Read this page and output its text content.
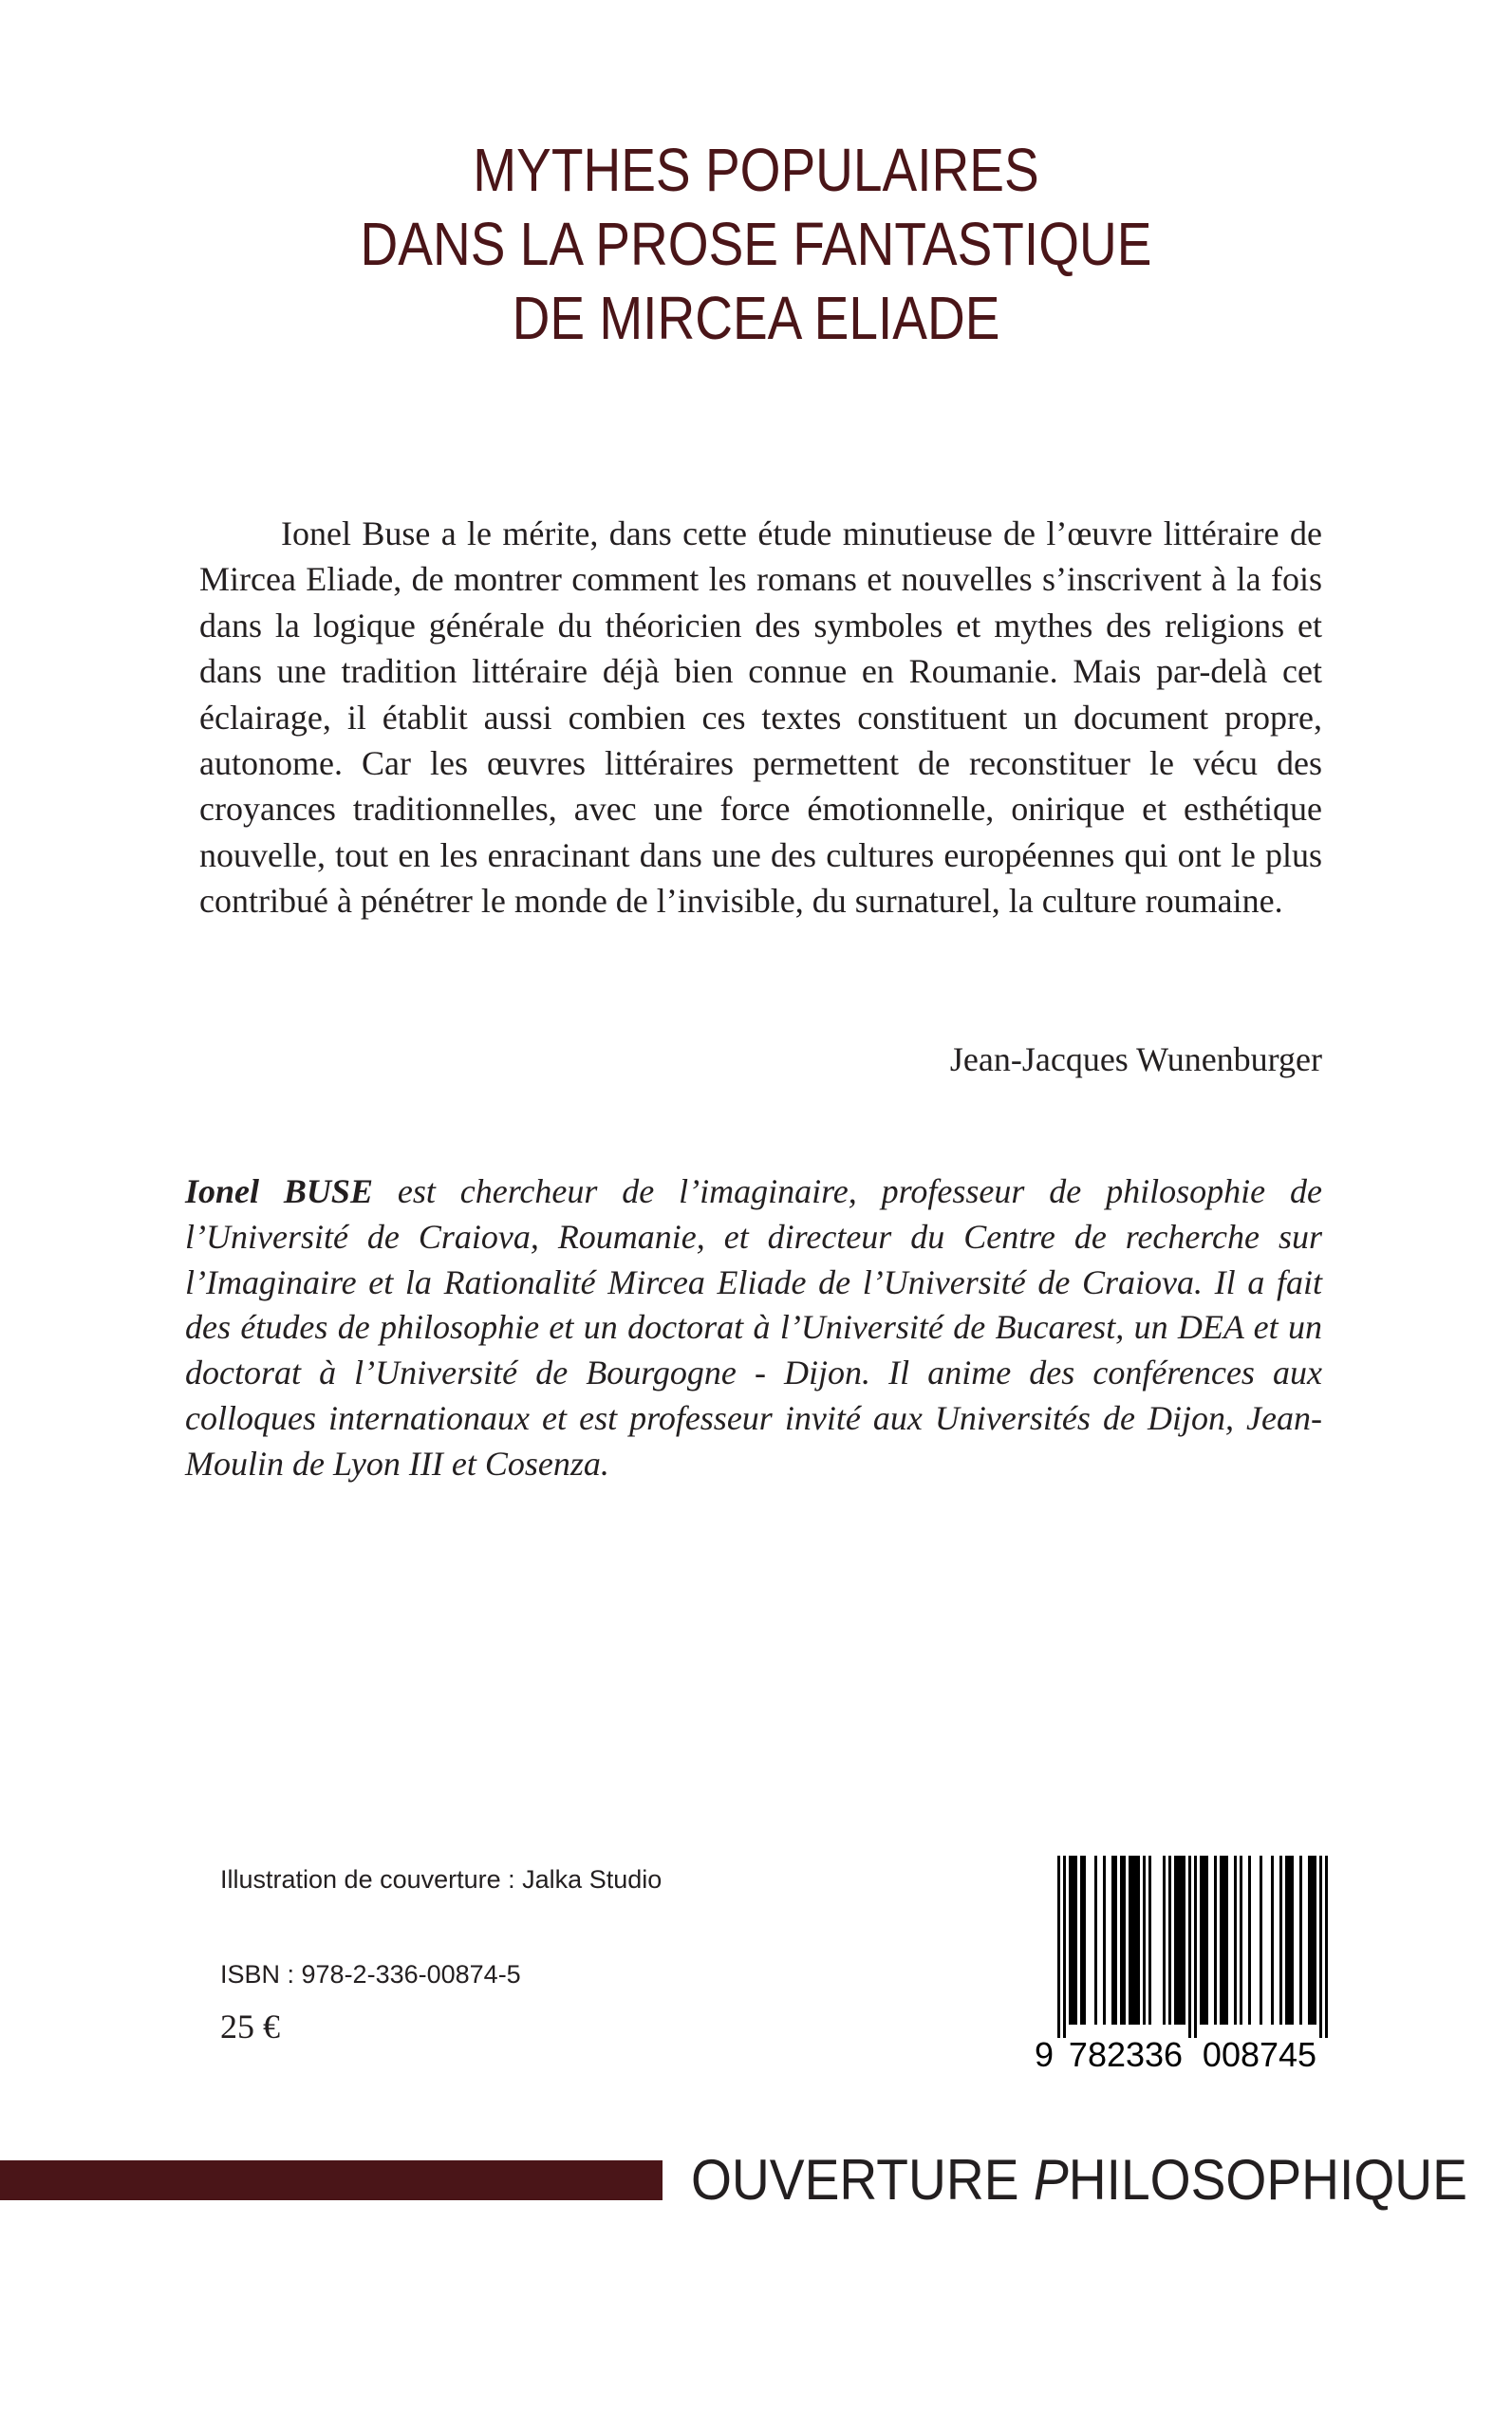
MYTHES POPULAIRES
DANS LA PROSE FANTASTIQUE
DE MIRCEA ELIADE

Ionel Buse a le mérite, dans cette étude minutieuse de l’œuvre littéraire de Mircea Eliade, de montrer comment les romans et nouvelles s’inscrivent à la fois dans la logique générale du théoricien des symboles et mythes des religions et dans une tradition littéraire déjà bien connue en Roumanie. Mais par-delà cet éclairage, il établit aussi combien ces textes constituent un document propre, autonome. Car les œuvres littéraires permettent de reconstituer le vécu des croyances traditionnelles, avec une force émotionnelle, onirique et esthétique nouvelle, tout en les enracinant dans une des cultures européennes qui ont le plus contribué à pénétrer le monde de l’invisible, du surnaturel, la culture roumaine.

Jean-Jacques Wunenburger

Ionel BUSE est chercheur de l’imaginaire, professeur de philosophie de l’Université de Craiova, Roumanie, et directeur du Centre de recherche sur l’Imaginaire et la Rationalité Mircea Eliade de l’Université de Craiova. Il a fait des études de philosophie et un doctorat à l’Université de Bucarest, un DEA et un doctorat à l’Université de Bourgogne - Dijon. Il anime des conférences aux colloques internationaux et est professeur invité aux Universités de Dijon, Jean-Moulin de Lyon III et Cosenza.

Illustration de couverture : Jalka Studio
ISBN : 978-2-336-00874-5
25 €
9 782336 008745
OUVERTURE PHILOSOPHIQUE
